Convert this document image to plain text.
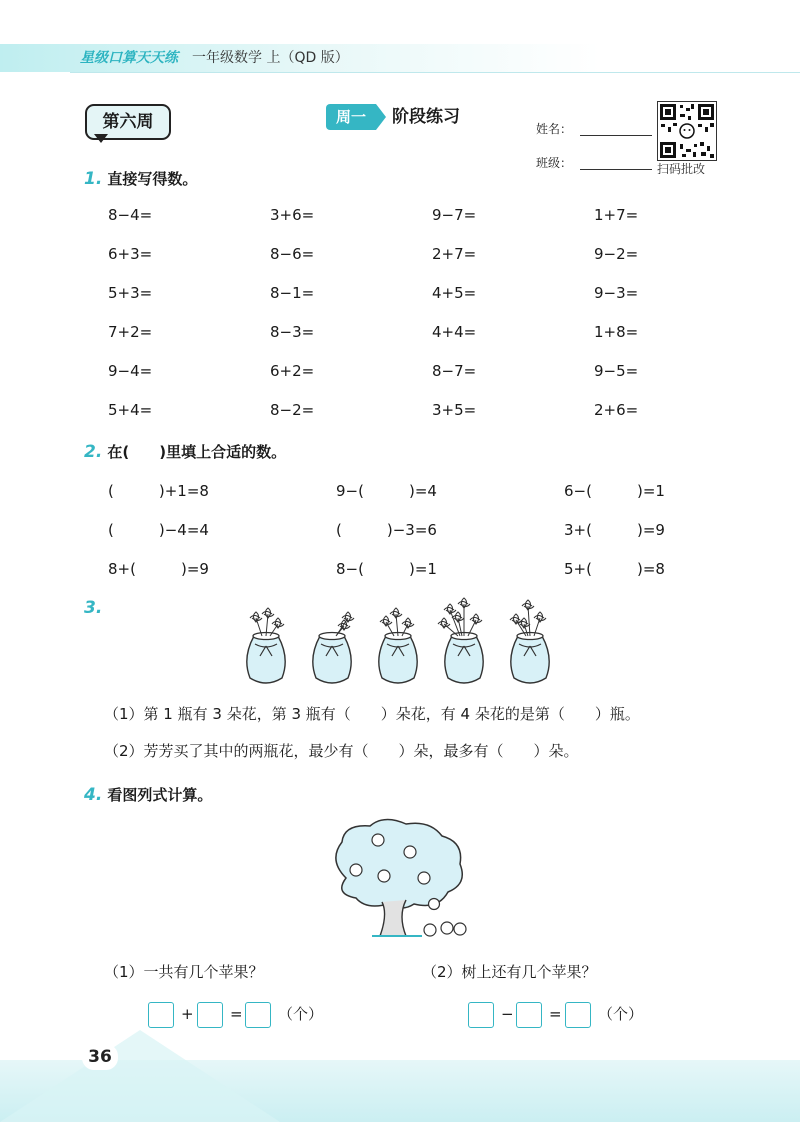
星级口算天天练 一年级数学 上（QD 版）
第六周	周一	阶段练习
姓名：
班级：	扫码批改
1. 直接写得数。
8−4=	3+6=	9−7=	1+7=
6+3=	8−6=	2+7=	9−2=
5+3=	8−1=	4+5=	9−3=
7+2=	8−3=	4+4=	1+8=
9−4=	6+2=	8−7=	9−5=
5+4=	8−2=	3+5=	2+6=
2. 在(　　)里填上合适的数。
(　　　)+1=8	9−(　　　)=4	6−(　　　)=1
(　　　)−4=4	(　　　)−3=6	3+(　　　)=9
8+(　　　)=9	8−(　　　)=1	5+(　　　)=8
3.
（1）第 1 瓶有 3 朵花，第 3 瓶有（　　）朵花，有 4 朵花的是第（　　）瓶。
（2）芳芳买了其中的两瓶花，最少有（　　）朵，最多有（　　）朵。
4. 看图列式计算。
（1）一共有几个苹果？	（2）树上还有几个苹果？
+ = （个）	− = （个）
36
